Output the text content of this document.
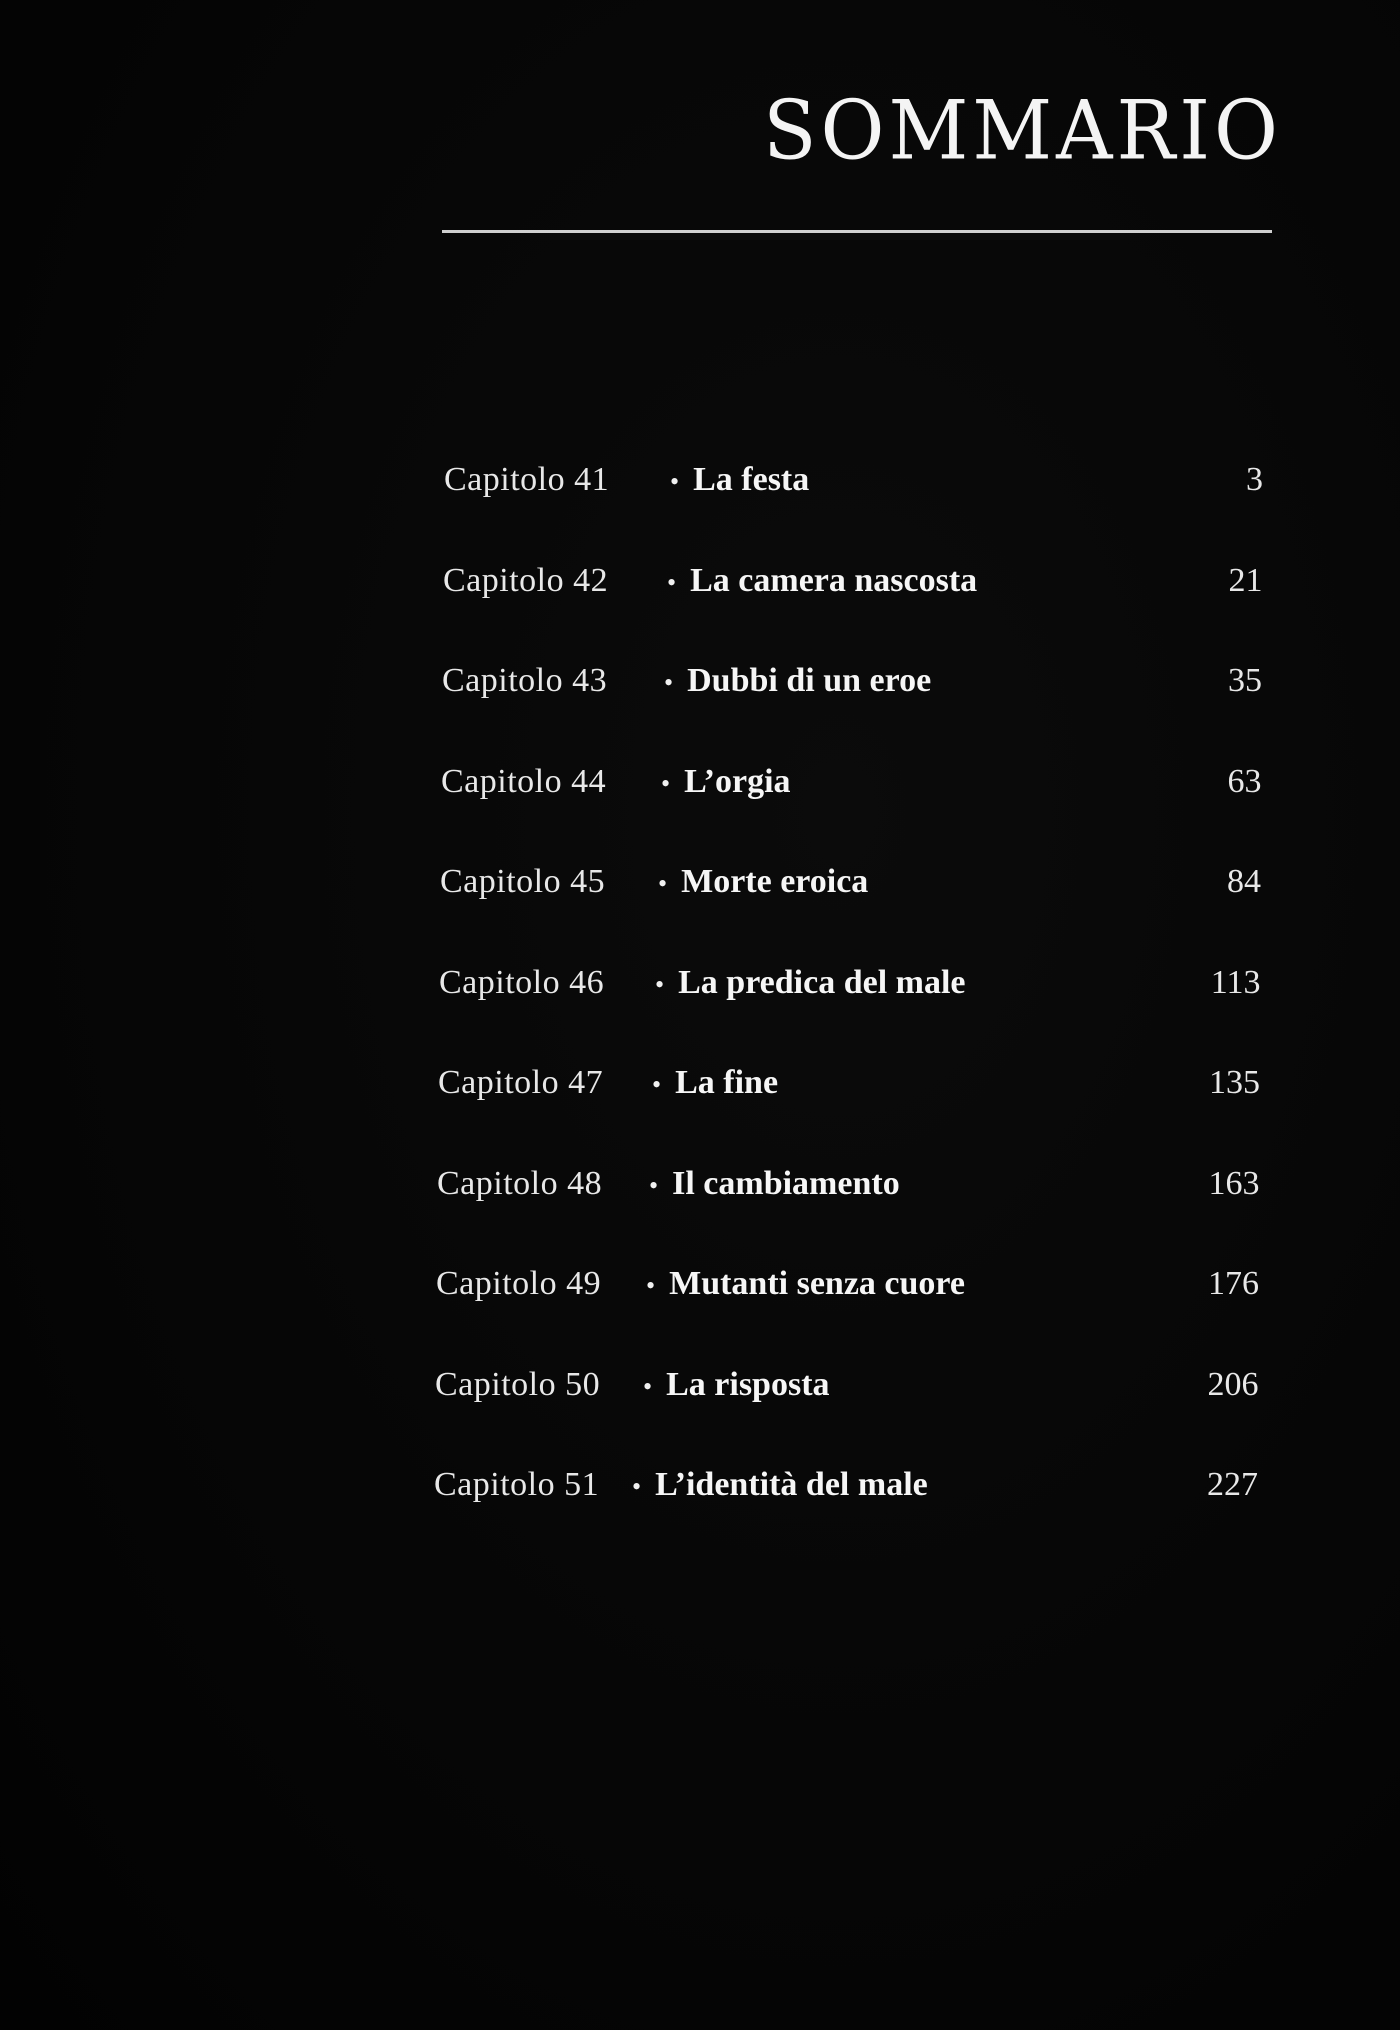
SOMMARIO
Capitolo 41 • La festa	3
Capitolo 42 • La camera nascosta	21
Capitolo 43 • Dubbi di un eroe	35
Capitolo 44 • L’orgia	63
Capitolo 45 • Morte eroica	84
Capitolo 46 • La predica del male	113
Capitolo 47 • La fine	135
Capitolo 48 • Il cambiamento	163
Capitolo 49 • Mutanti senza cuore	176
Capitolo 50 • La risposta	206
Capitolo 51 • L’identità del male	227
